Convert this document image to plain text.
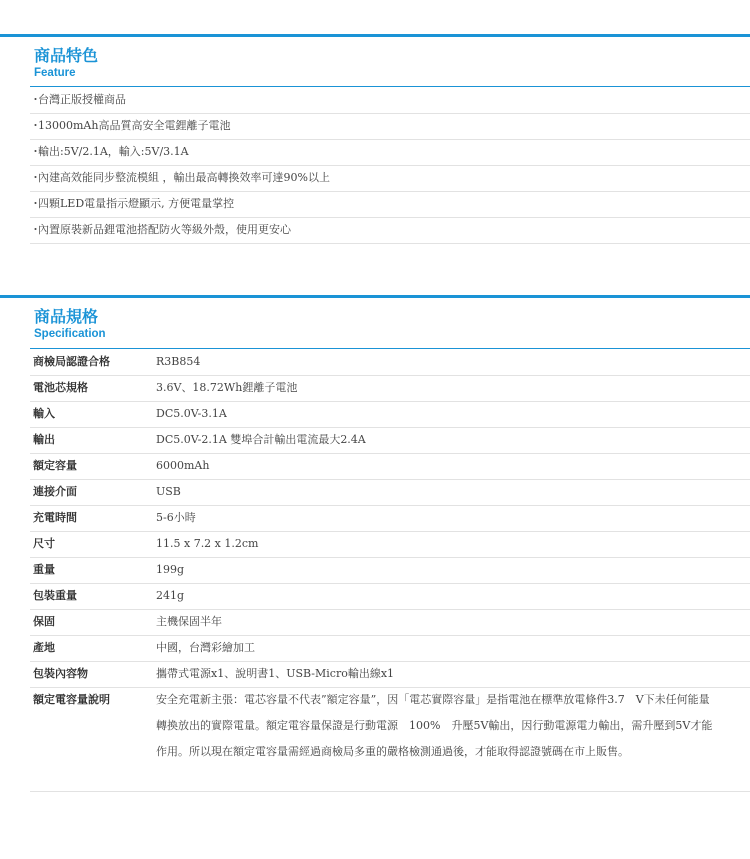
商品特色
Feature
・
台灣正版授權商品
・
13000mAh高品質高安全電鋰離子電池
・
輸出:5V/2.1A，輸入:5V/3.1A
・
內建高效能同步整流模組 ，輸出最高轉換效率可達90%以上
・
四顆LED電量指示燈顯示, 方便電量掌控
・
內置原裝新品鋰電池搭配防火等級外殼，使用更安心
商品規格
Specification
商檢局認證合格	R3B854
電池芯規格	3.6V、18.72Wh鋰離子電池
輸入	DC5.0V-3.1A
輸出	DC5.0V-2.1A 雙埠合計輸出電流最大2.4A
額定容量	6000mAh
連接介面	USB
充電時間	5-6小時
尺寸	11.5 x 7.2 x 1.2cm
重量	199g
包裝重量	241g
保固	主機保固半年
產地	中國，台灣彩繪加工
包裝內容物	攜帶式電源x1、說明書1、USB-Micro輸出線x1
額定電容量說明	安全充電新主張：電芯容量不代表”額定容量”，因「電芯實際容量」是指電池在標準放電條件3.7　V下未任何能量轉換放出的實際電量。額定電容量保證是行動電源　100%　升壓5V輸出，因行動電源電力輸出，需升壓到5V才能作用。所以現在額定電容量需經過商檢局多重的嚴格檢測通過後，才能取得認證號碼在市上販售。
